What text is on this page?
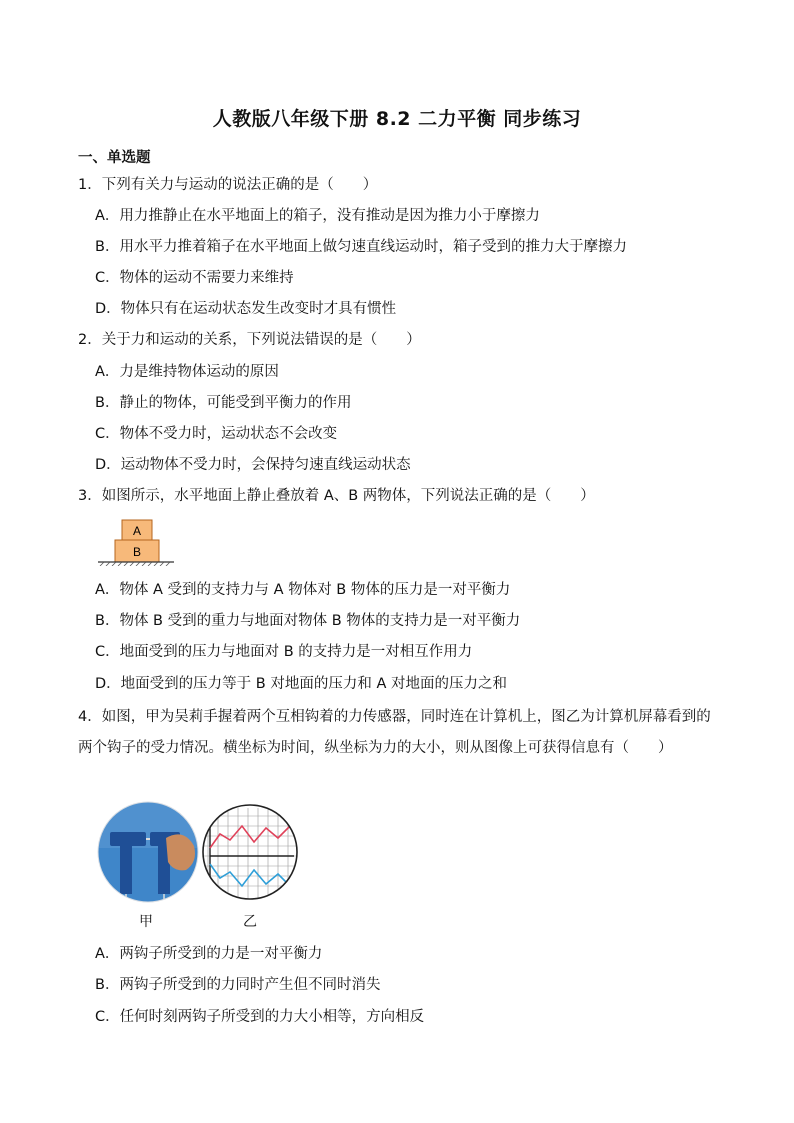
人教版八年级下册 8.2 二力平衡 同步练习
一、单选题
1．下列有关力与运动的说法正确的是（　　）
A．用力推静止在水平地面上的箱子，没有推动是因为推力小于摩擦力
B．用水平力推着箱子在水平地面上做匀速直线运动时，箱子受到的推力大于摩擦力
C．物体的运动不需要力来维持
D．物体只有在运动状态发生改变时才具有惯性
2．关于力和运动的关系，下列说法错误的是（　　）
A．力是维持物体运动的原因
B．静止的物体，可能受到平衡力的作用
C．物体不受力时，运动状态不会改变
D．运动物体不受力时，会保持匀速直线运动状态
3．如图所示，水平地面上静止叠放着 A、B 两物体，下列说法正确的是（　　）
A
B
A．物体 A 受到的支持力与 A 物体对 B 物体的压力是一对平衡力
B．物体 B 受到的重力与地面对物体 B 物体的支持力是一对平衡力
C．地面受到的压力与地面对 B 的支持力是一对相互作用力
D．地面受到的压力等于 B 对地面的压力和 A 对地面的压力之和
4．如图，甲为吴莉手握着两个互相钩着的力传感器，同时连在计算机上，图乙为计算机屏幕看到的两个钩子的受力情况。横坐标为时间，纵坐标为力的大小，则从图像上可获得信息有（　　）
甲	乙
A．两钩子所受到的力是一对平衡力
B．两钩子所受到的力同时产生但不同时消失
C．任何时刻两钩子所受到的力大小相等，方向相反
